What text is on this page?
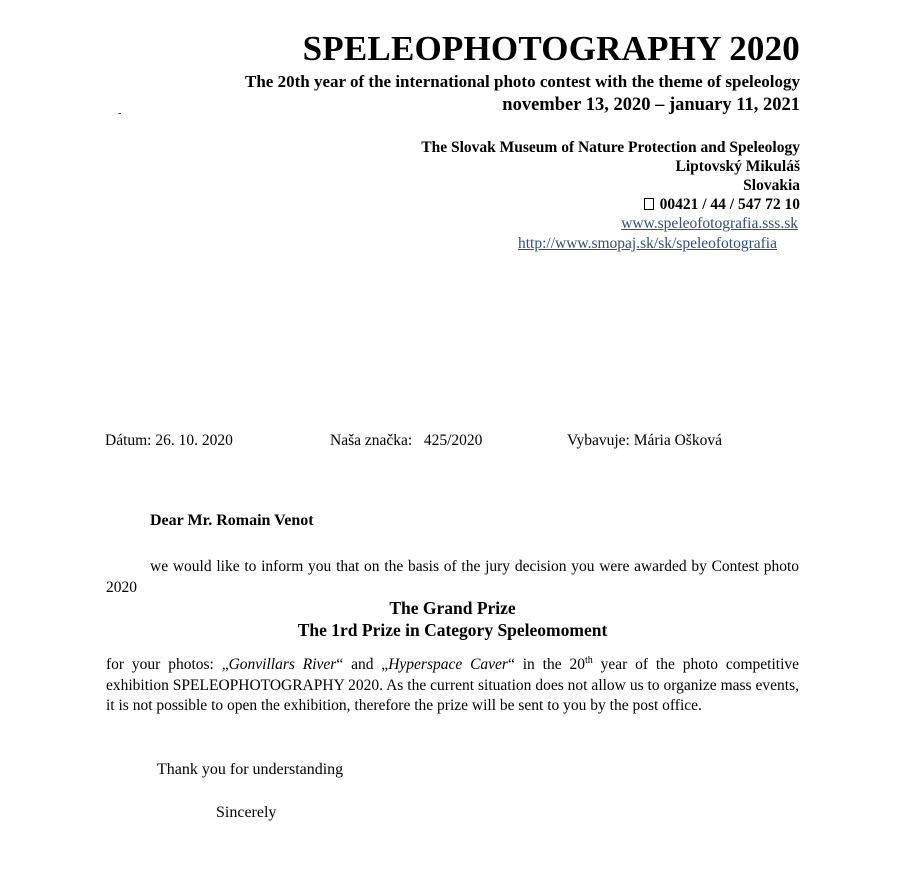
SPELEOPHOTOGRAPHY 2020
The 20th year of the international photo contest with the theme of speleology
november 13, 2020 – january 11, 2021
-
The Slovak Museum of Nature Protection and Speleology
Liptovský Mikuláš
Slovakia
00421 / 44 / 547 72 10
www.speleofotografia.sss.sk
http://www.smopaj.sk/sk/speleofotografia
Dátum: 26. 10. 2020	Naša značka: 425/2020	Vybavuje: Mária Ošková
Dear Mr. Romain Venot
we would like to inform you that on the basis of the jury decision you were awarded by Contest photo 2020
The Grand Prize
The 1rd Prize in Category Speleomoment
for your photos: „Gonvillars River“ and „Hyperspace Caver“ in the 20th year of the photo competitive exhibition SPELEOPHOTOGRAPHY 2020. As the current situation does not allow us to organize mass events, it is not possible to open the exhibition, therefore the prize will be sent to you by the post office.
Thank you for understanding
Sincerely
